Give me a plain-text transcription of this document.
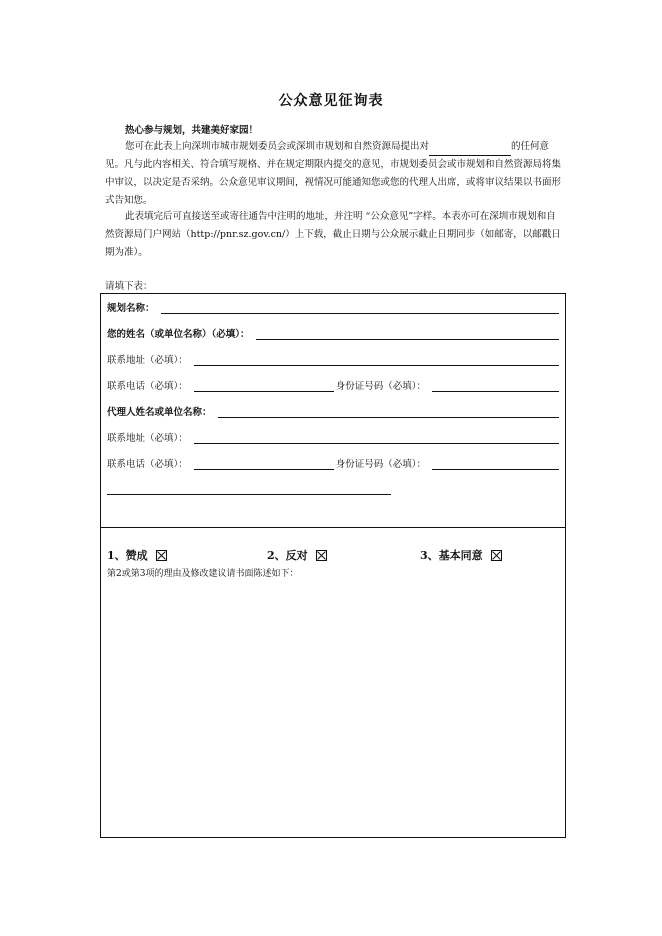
公众意见征询表
热心参与规划，共建美好家园！
您可在此表上向深圳市城市规划委员会或深圳市规划和自然资源局提出对	的任何意见。凡与此内容相关、符合填写规格、并在规定期限内提交的意见，市规划委员会或市规划和自然资源局将集中审议，以决定是否采纳。公众意见审议期间，视情况可能通知您或您的代理人出席，或将审议结果以书面形式告知您。
此表填完后可直接送至或寄往通告中注明的地址，并注明 “公众意见”字样。本表亦可在深圳市规划和自然资源局门户网站（http://pnr.sz.gov.cn/）上下载，截止日期与公众展示截止日期同步（如邮寄，以邮戳日期为准）。
请填下表：
规划名称：
您的姓名（或单位名称）（必填）：
联系地址（必填）：
联系电话（必填）：	身份证号码（必填）：
代理人姓名或单位名称：
联系地址（必填）：
联系电话（必填）：	身份证号码（必填）：
1、赞成	2、反对	3、基本同意
第2或第3项的理由及修改建议请书面陈述如下：
